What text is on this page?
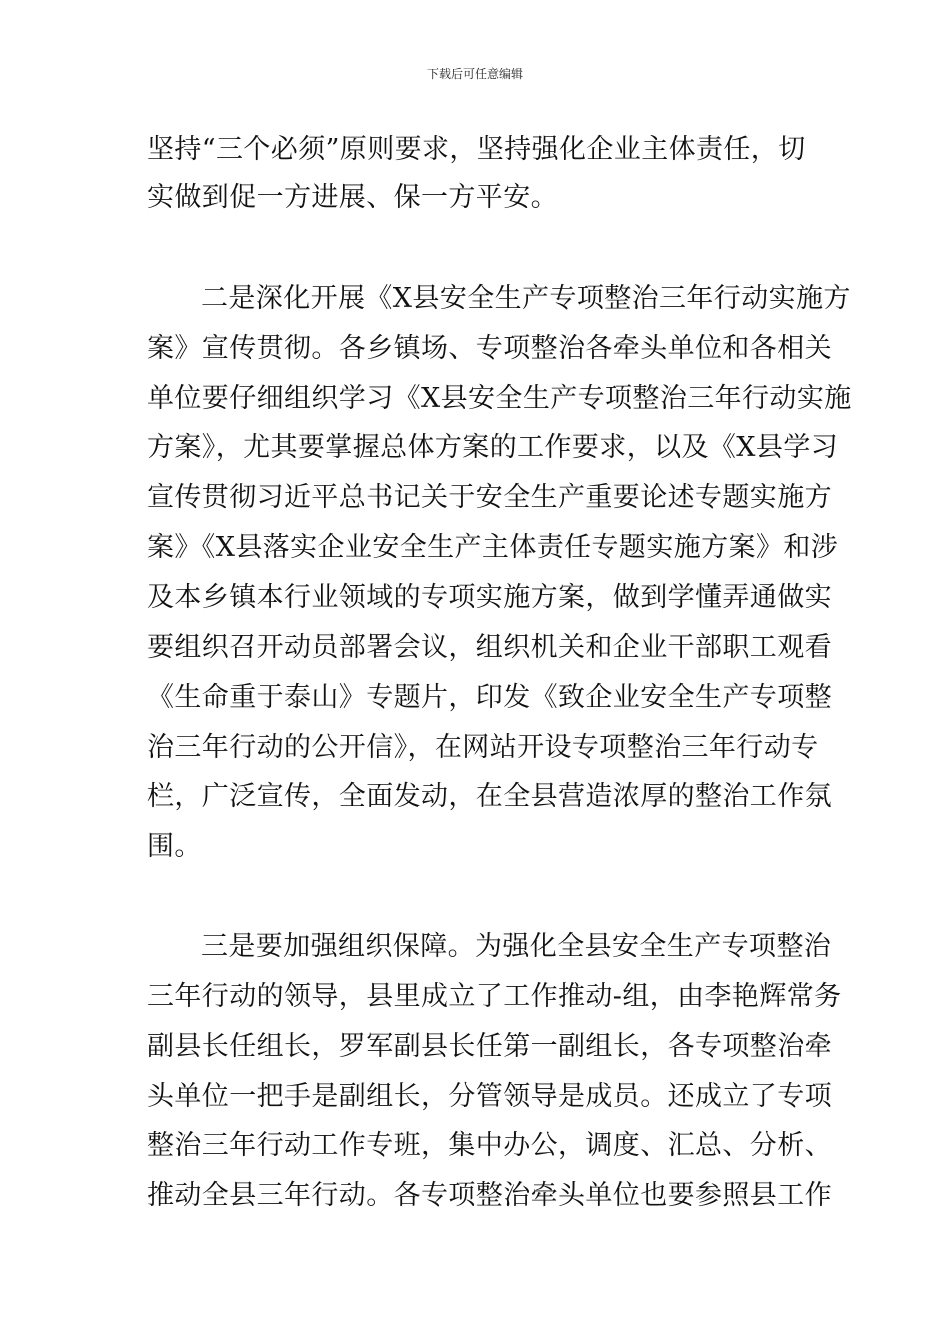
下载后可任意编辑
坚持“三个必须”原则要求，坚持强化企业主体责任，切
实做到促一方进展、保一方平安。
二是深化开展《X县安全生产专项整治三年行动实施方
案》宣传贯彻。各乡镇场、专项整治各牵头单位和各相关
单位要仔细组织学习《X县安全生产专项整治三年行动实施
方案》，尤其要掌握总体方案的工作要求，以及《X县学习
宣传贯彻习近平总书记关于安全生产重要论述专题实施方
案》《X县落实企业安全生产主体责任专题实施方案》和涉
及本乡镇本行业领域的专项实施方案，做到学懂弄通做实
要组织召开动员部署会议，组织机关和企业干部职工观看
《生命重于泰山》专题片，印发《致企业安全生产专项整
治三年行动的公开信》，在网站开设专项整治三年行动专
栏，广泛宣传，全面发动，在全县营造浓厚的整治工作氛
围。
三是要加强组织保障。为强化全县安全生产专项整治
三年行动的领导，县里成立了工作推动-组，由李艳辉常务
副县长任组长，罗军副县长任第一副组长，各专项整治牵
头单位一把手是副组长，分管领导是成员。还成立了专项
整治三年行动工作专班，集中办公，调度、汇总、分析、
推动全县三年行动。各专项整治牵头单位也要参照县工作
